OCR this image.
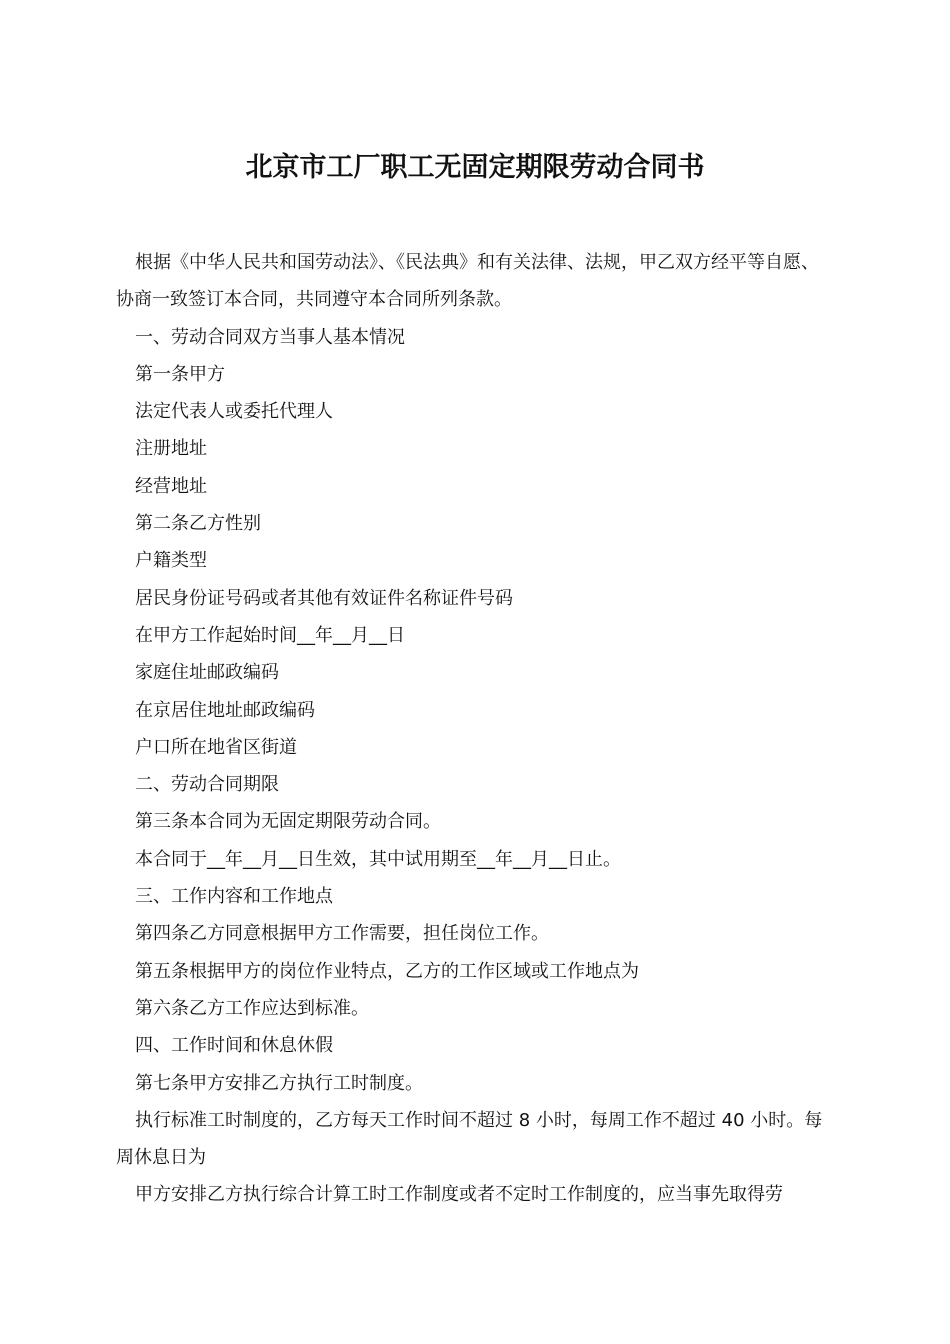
北京市工厂职工无固定期限劳动合同书

根据《中华人民共和国劳动法》、《民法典》和有关法律、法规，甲乙双方经平等自愿、协商一致签订本合同，共同遵守本合同所列条款。

一、劳动合同双方当事人基本情况

第一条甲方

法定代表人或委托代理人

注册地址

经营地址

第二条乙方性别

户籍类型

居民身份证号码或者其他有效证件名称证件号码

在甲方工作起始时间__年__月__日

家庭住址邮政编码

在京居住地址邮政编码

户口所在地省区街道

二、劳动合同期限

第三条本合同为无固定期限劳动合同。

本合同于__年__月__日生效，其中试用期至__年__月__日止。

三、工作内容和工作地点

第四条乙方同意根据甲方工作需要，担任岗位工作。

第五条根据甲方的岗位作业特点，乙方的工作区域或工作地点为

第六条乙方工作应达到标准。

四、工作时间和休息休假

第七条甲方安排乙方执行工时制度。

执行标准工时制度的，乙方每天工作时间不超过 8 小时，每周工作不超过 40 小时。每周休息日为

甲方安排乙方执行综合计算工时工作制度或者不定时工作制度的，应当事先取得劳
